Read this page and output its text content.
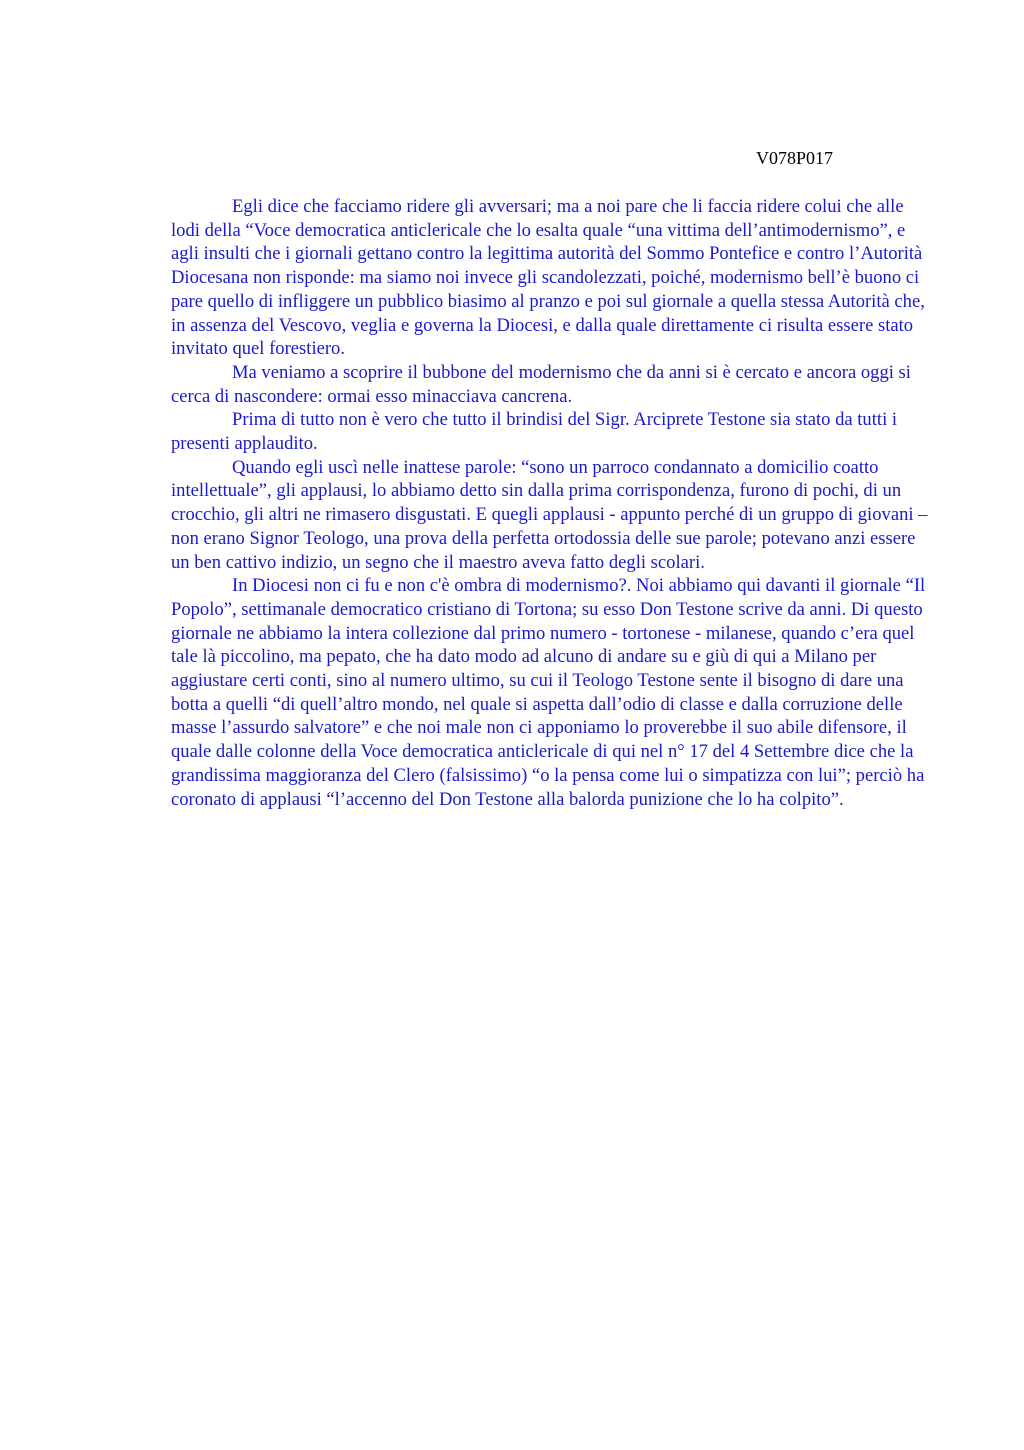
V078P017

Egli dice che facciamo ridere gli avversari; ma a noi pare che li faccia ridere colui che alle lodi della “Voce democratica anticlericale che lo esalta quale “una vittima dell’antimodernismo”, e agli insulti che i giornali gettano contro la legittima autorità del Sommo Pontefice e contro l’Autorità Diocesana non risponde: ma siamo noi invece gli scandolezzati, poiché, modernismo bell’è buono ci pare quello di infliggere un pubblico biasimo al pranzo e poi sul giornale a quella stessa Autorità che, in assenza del Vescovo, veglia e governa la Diocesi, e dalla quale direttamente ci risulta essere stato invitato quel forestiero.

Ma veniamo a scoprire il bubbone del modernismo che da anni si è cercato e ancora oggi si cerca di nascondere: ormai esso minacciava cancrena.

Prima di tutto non è vero che tutto il brindisi del Sigr. Arciprete Testone sia stato da tutti i presenti applaudito.

Quando egli uscì nelle inattese parole: “sono un parroco condannato a domicilio coatto intellettuale”, gli applausi, lo abbiamo detto sin dalla prima corrispondenza, furono di pochi, di un crocchio, gli altri ne rimasero disgustati. E quegli applausi - appunto perché di un gruppo di giovani – non erano Signor Teologo, una prova della perfetta ortodossia delle sue parole; potevano anzi essere un ben cattivo indizio, un segno che il maestro aveva fatto degli scolari.

In Diocesi non ci fu e non c'è ombra di modernismo?. Noi abbiamo qui davanti il giornale “Il Popolo”, settimanale democratico cristiano di Tortona; su esso Don Testone scrive da anni. Di questo giornale ne abbiamo la intera collezione dal primo numero - tortonese - milanese, quando c’era quel tale là piccolino, ma pepato, che ha dato modo ad alcuno di andare su e giù di qui a Milano per aggiustare certi conti, sino al numero ultimo, su cui il Teologo Testone sente il bisogno di dare una botta a quelli “di quell’altro mondo, nel quale si aspetta dall’odio di classe e dalla corruzione delle masse l’assurdo salvatore” e che noi male non ci apponiamo lo proverebbe il suo abile difensore, il quale dalle colonne della Voce democratica anticlericale di qui nel n° 17 del 4 Settembre dice che la grandissima maggioranza del Clero (falsissimo) “o la pensa come lui o simpatizza con lui”; perciò ha coronato di applausi “l’accenno del Don Testone alla balorda punizione che lo ha colpito”.
